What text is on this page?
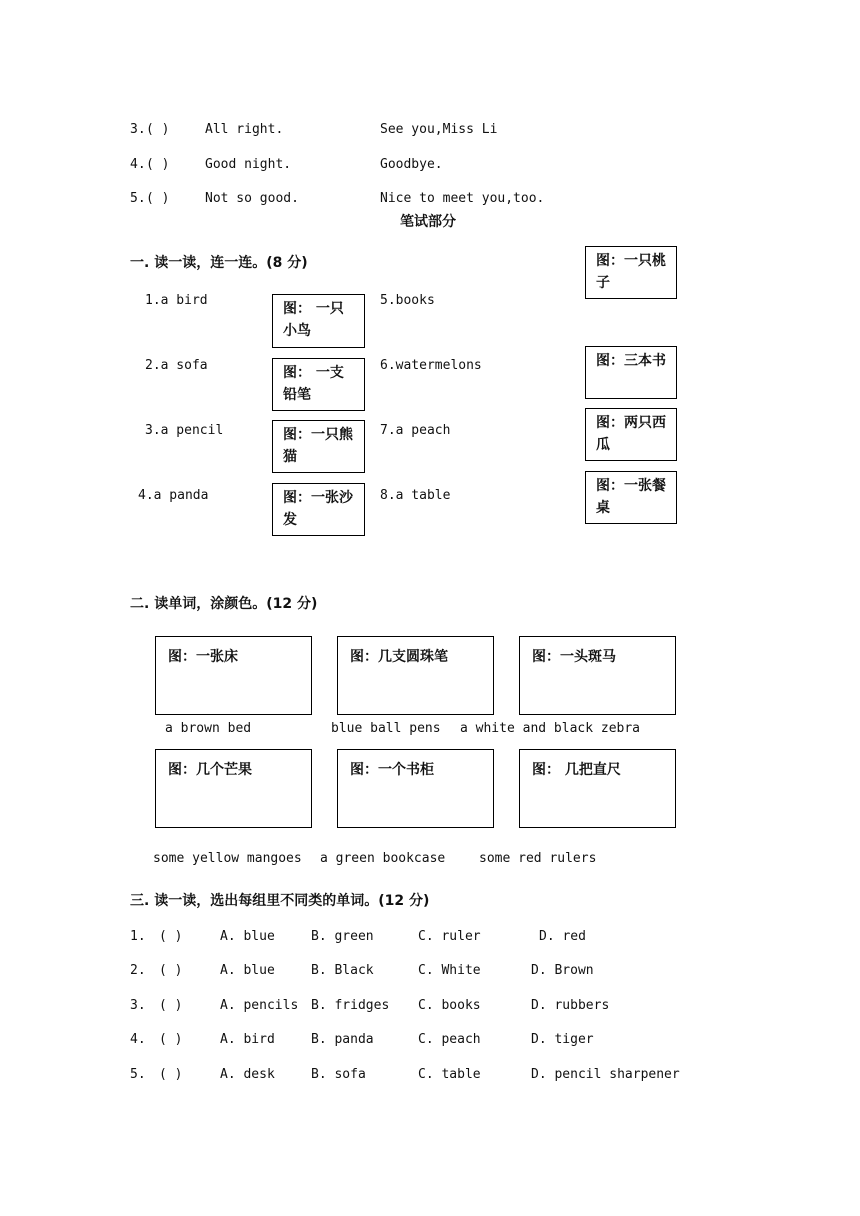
3. ( )	All right.	See you,Miss Li
4. ( )	Good night.	Goodbye.
5. ( )	Not so good.	Nice to meet you,too.
笔试部分
一. 读一读，连一连。(8 分)
1.a bird
2.a sofa
3.a pencil
4.a panda
图： 一只小鸟
图： 一支铅笔
图：一只熊猫
图：一张沙发
5.books
6.watermelons
7.a peach
8.a table
图：一只桃子
图：三本书
图：两只西瓜
图：一张餐桌
二. 读单词，涂颜色。(12 分)
图：一张床	图：几支圆珠笔	图：一头斑马
a brown bed	blue ball pens a white and black zebra
图：几个芒果	图：一个书柜	图： 几把直尺
some yellow mangoes a green bookcase	some red rulers
三. 读一读，选出每组里不同类的单词。(12 分)
1. ( )	A. blue	B. green	C. ruler	D. red
2. ( )	A. blue	B. Black	C. White	D. Brown
3. ( )	A. pencils B. fridges C. books	D. rubbers
4. ( )	A. bird	B. panda	C. peach	D. tiger
5. ( )	A. desk	B. sofa	C. table	D. pencil sharpener
